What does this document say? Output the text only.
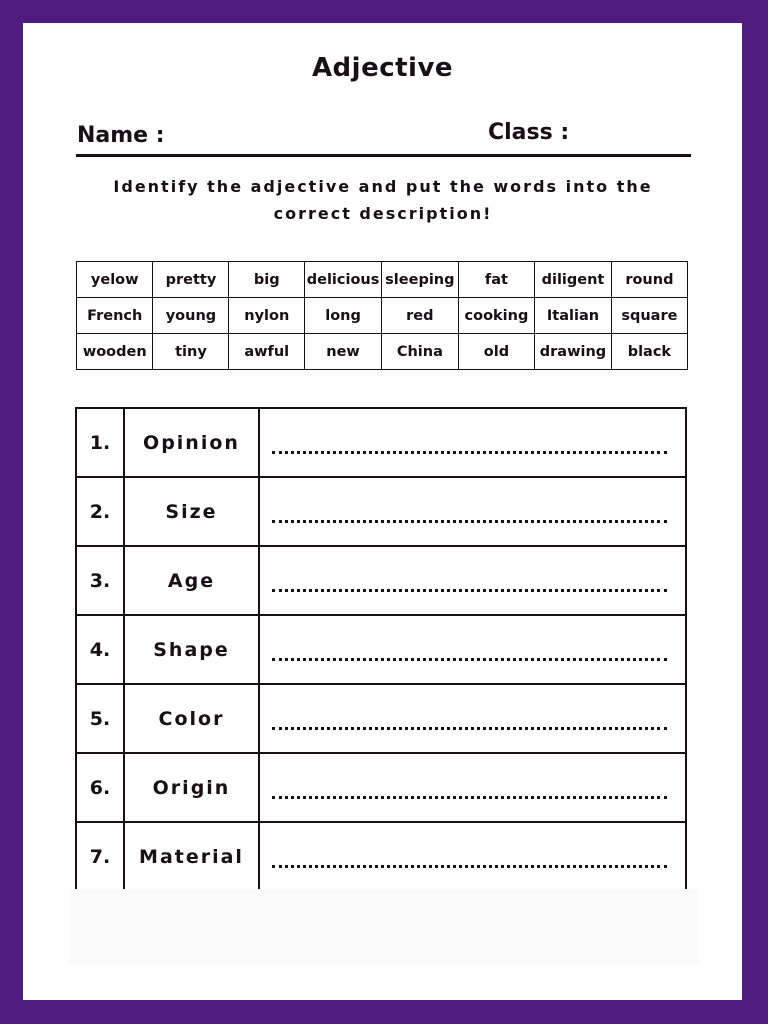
Adjective
Name :	Class :
Identify the adjective and put the words into the correct description!
yelow	pretty	big	delicious	sleeping	fat	diligent	round
French	young	nylon	long	red	cooking	Italian	square
wooden	tiny	awful	new	China	old	drawing	black
1.	Opinion	

2.	Size	

3.	Age	

4.	Shape	

5.	Color	

6.	Origin	

7.	Material	
